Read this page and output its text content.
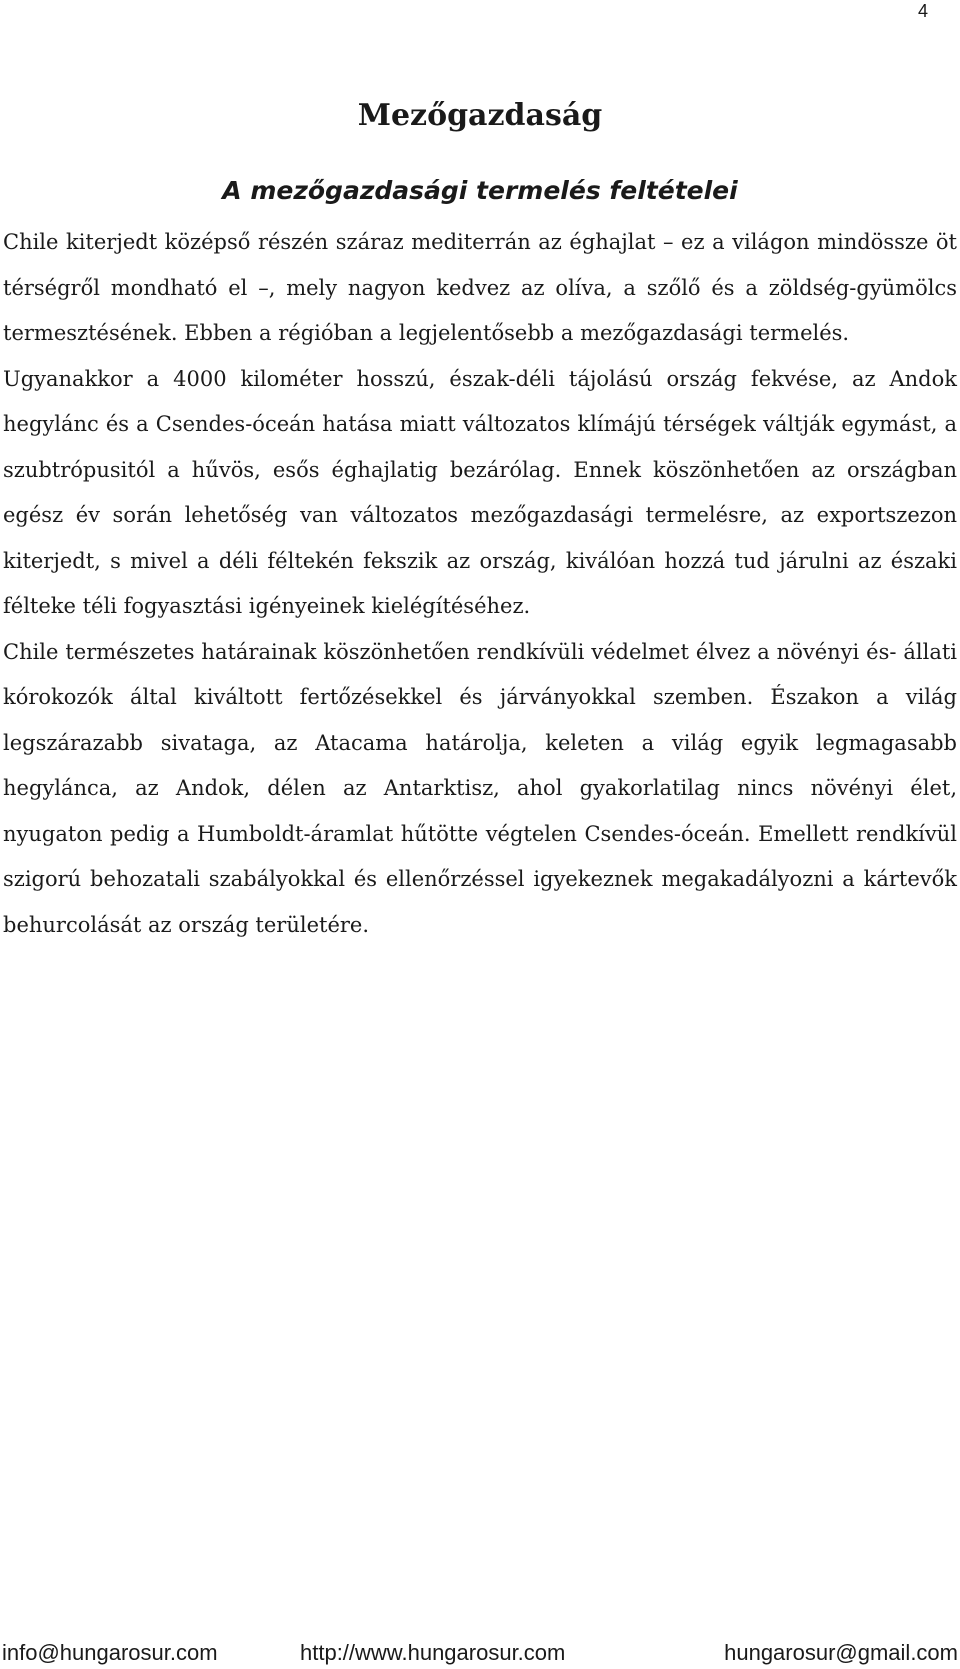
4
Mezőgazdaság
A mezőgazdasági termelés feltételei

Chile kiterjedt középső részén száraz mediterrán az éghajlat – ez a világon mindössze öt térségről mondható el –, mely nagyon kedvez az olíva, a szőlő és a zöldség-gyümölcs termesztésének. Ebben a régióban a legjelentősebb a mezőgazdasági termelés.

Ugyanakkor a 4000 kilométer hosszú, észak-déli tájolású ország fekvése, az Andok hegylánc és a Csendes-óceán hatása miatt változatos klímájú térségek váltják egymást, a szubtrópusitól a hűvös, esős éghajlatig bezárólag. Ennek köszönhetően az országban egész év során lehetőség van változatos mezőgazdasági termelésre, az exportszezon kiterjedt, s mivel a déli féltekén fekszik az ország, kiválóan hozzá tud járulni az északi félteke téli fogyasztási igényeinek kielégítéséhez.

Chile természetes határainak köszönhetően rendkívüli védelmet élvez a növényi és- állati kórokozók által kiváltott fertőzésekkel és járványokkal szemben. Északon a világ legszárazabb sivataga, az Atacama határolja, keleten a világ egyik legmagasabb hegylánca, az Andok, délen az Antarktisz, ahol gyakorlatilag nincs növényi élet, nyugaton pedig a Humboldt-áramlat hűtötte végtelen Csendes-óceán. Emellett rendkívül szigorú behozatali szabályokkal és ellenőrzéssel igyekeznek megakadályozni a kártevők behurcolását az ország területére.

info@hungarosur.com	http://www.hungarosur.com	hungarosur@gmail.com
